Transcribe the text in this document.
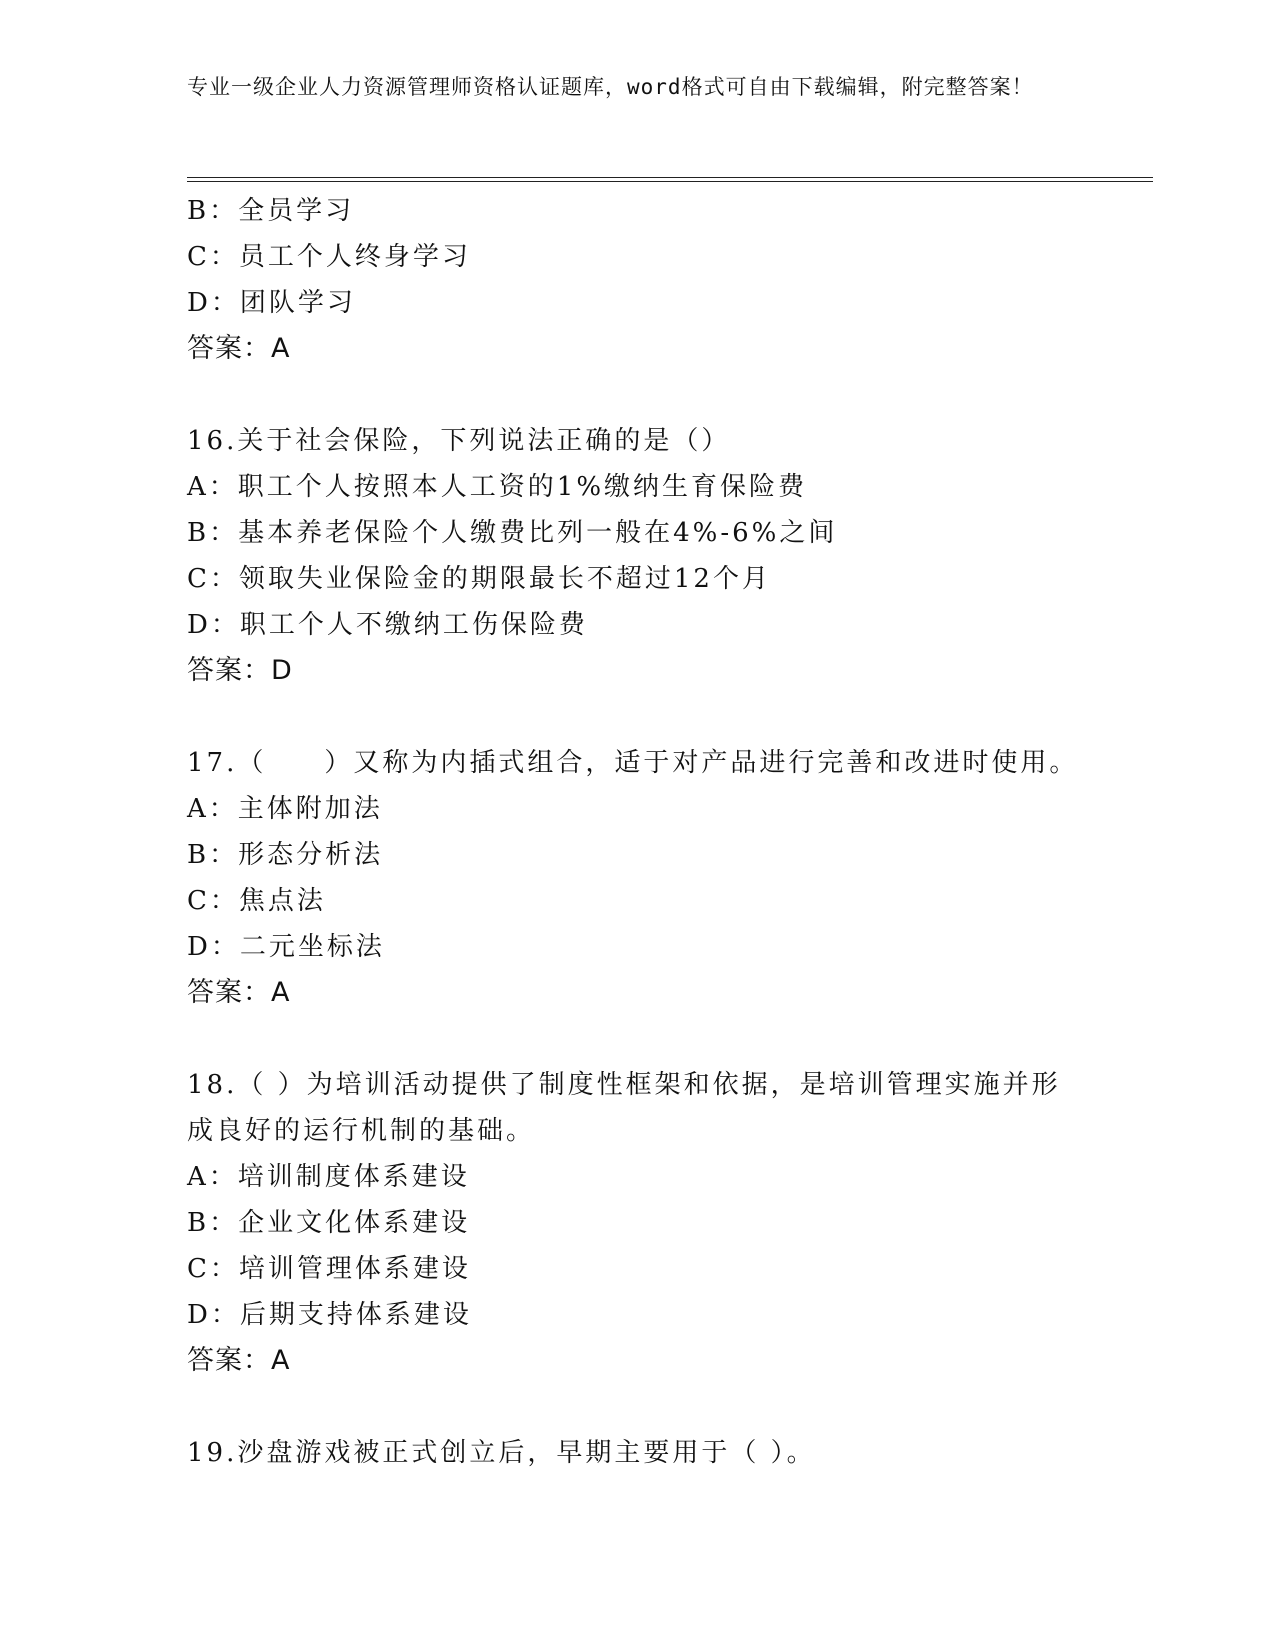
专业一级企业人力资源管理师资格认证题库，word格式可自由下载编辑，附完整答案！
B：全员学习
C：员工个人终身学习
D：团队学习
答案：A
16.关于社会保险，下列说法正确的是（）
A：职工个人按照本人工资的1%缴纳生育保险费
B：基本养老保险个人缴费比列一般在4%-6%之间
C：领取失业保险金的期限最长不超过12个月
D：职工个人不缴纳工伤保险费
答案：D
17.（　　）又称为内插式组合，适于对产品进行完善和改进时使用。
A：主体附加法
B：形态分析法
C：焦点法
D：二元坐标法
答案：A
18.（ ）为培训活动提供了制度性框架和依据，是培训管理实施并形成良好的运行机制的基础。
A：培训制度体系建设
B：企业文化体系建设
C：培训管理体系建设
D：后期支持体系建设
答案：A
19.沙盘游戏被正式创立后，早期主要用于（ ）。
